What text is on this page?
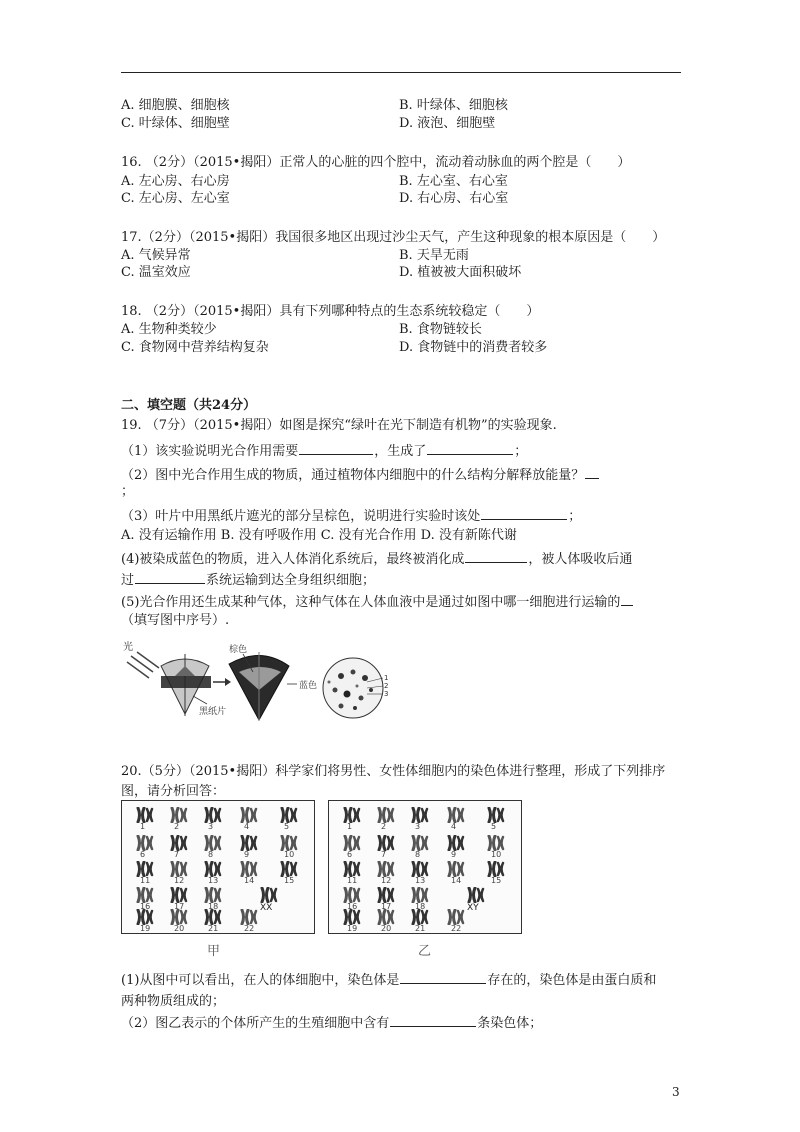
A. 细胞膜、细胞核	B. 叶绿体、细胞核
C. 叶绿体、细胞壁	D. 液泡、细胞壁
16. （2分）（2015•揭阳）正常人的心脏的四个腔中，流动着动脉血的两个腔是（　　）
A. 左心房、右心房	B. 左心室、右心室
C. 左心房、左心室	D. 右心房、右心室
17.（2分）（2015•揭阳）我国很多地区出现过沙尘天气，产生这种现象的根本原因是（　　）
A. 气候异常	B. 天旱无雨
C. 温室效应	D. 植被被大面积破坏
18. （2分）（2015•揭阳）具有下列哪种特点的生态系统较稳定（　　）
A. 生物种类较少	B. 食物链较长
C. 食物网中营养结构复杂	D. 食物链中的消费者较多
二、填空题（共24分）
19. （7分）（2015•揭阳）如图是探究“绿叶在光下制造有机物”的实验现象.
（1）该实验说明光合作用需要	，生成了	；
（2）图中光合作用生成的物质，通过植物体内细胞中的什么结构分解释放能量？
；
（3）叶片中用黑纸片遮光的部分呈棕色，说明进行实验时该处	；
A. 没有运输作用 B. 没有呼吸作用 C. 没有光合作用 D. 没有新陈代谢
(4)被染成蓝色的物质，进入人体消化系统后，最终被消化成	，被人体吸收后通
过	系统运输到达全身组织细胞；
(5)光合作用还生成某种气体，这种气体在人体血液中是通过如图中哪一细胞进行运输的
（填写图中序号）.
光
黑纸片
棕色
蓝色
1
2
3
20.（5分）（2015•揭阳）科学家们将男性、女性体细胞内的染色体进行整理，形成了下列排序
图，请分析回答：
1	2	3	4	5
6	7	8	9	10
11	12	13	14	15
16	17	18
19	20	21	22
XX
甲
1	2	3	4	5
6	7	8	9	10
11	12	13	14	15
16	17	18
19	20	21	22
XY
乙
(1)从图中可以看出，在人的体细胞中，染色体是	存在的，染色体是由蛋白质和
两种物质组成的；
（2）图乙表示的个体所产生的生殖细胞中含有	条染色体；
3
